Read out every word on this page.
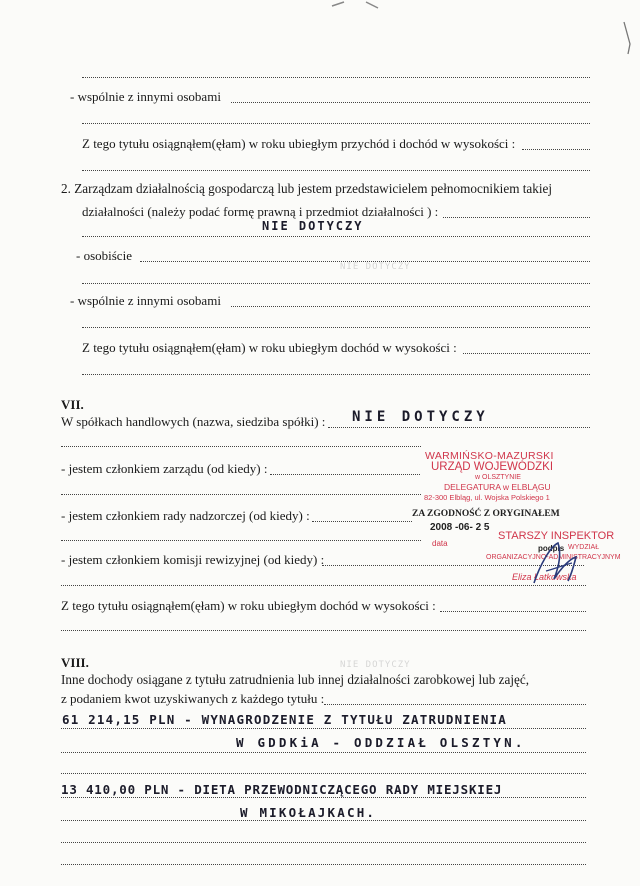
- wspólnie z innymi osobami
Z tego tytułu osiągnąłem(ęłam) w roku ubiegłym przychód i dochód w wysokości :
2. Zarządzam działalnością gospodarczą lub jestem przedstawicielem pełnomocnikiem takiej
działalności (należy podać formę prawną i przedmiot działalności ) :
NIE DOTYCZY
NIE DOTYCZY
- osobiście
- wspólnie z innymi osobami
Z tego tytułu osiągnąłem(ęłam) w roku ubiegłym dochód w wysokości :
VII.
W spółkach handlowych (nazwa, siedziba spółki) : NIE DOTYCZY
- jestem członkiem zarządu (od kiedy) :
- jestem członkiem rady nadzorczej (od kiedy) :
- jestem członkiem komisji rewizyjnej (od kiedy) :
Z tego tytułu osiągnąłem(ęłam) w roku ubiegłym dochód w wysokości :
VIII.
Inne dochody osiągane z tytułu zatrudnienia lub innej działalności zarobkowej lub zajęć,
z podaniem kwot uzyskiwanych z każdego tytułu :
NIE DOTYCZY
61 214,15 PLN - WYNAGRODZENIE Z TYTUŁU ZATRUDNIENIA
W GDDKiA - ODDZIAŁ OLSZTYN.
13 410,00 PLN - DIETA PRZEWODNICZĄCEGO RADY MIEJSKIEJ
W MIKOŁAJKACH.
WARMIŃSKO-MAZURSKI
URZĄD WOJEWÓDZKI
w OLSZTYNIE
DELEGATURA w ELBLĄGU
82-300 Elbląg, ul. Wojska Polskiego 1
ZA ZGODNOŚĆ Z ORYGINAŁEM
2008 -06- 2 5
data
STARSZY INSPEKTOR
podpis WYDZIAŁ
ORGANIZACYJNO-ADMINISTRACYJNYM
Eliza Łatkowska
